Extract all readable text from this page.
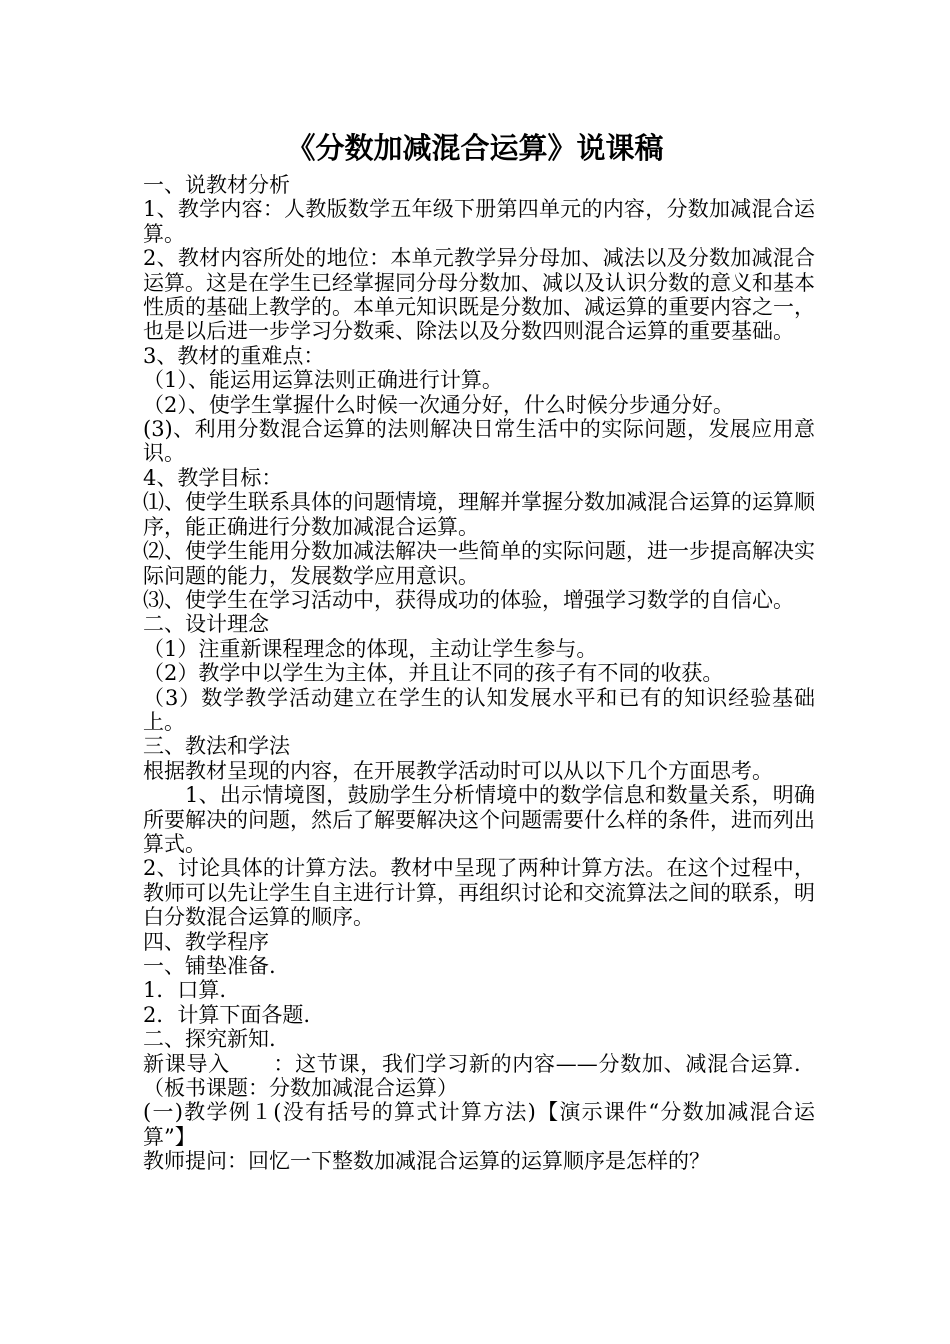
《分数加减混合运算》说课稿

一、说教材分析

1、教学内容：人教版数学五年级下册第四单元的内容，分数加减混合运算。

2、教材内容所处的地位：本单元教学异分母加、减法以及分数加减混合运算。这是在学生已经掌握同分母分数加、减以及认识分数的意义和基本性质的基础上教学的。本单元知识既是分数加、减运算的重要内容之一，也是以后进一步学习分数乘、除法以及分数四则混合运算的重要基础。

3、教材的重难点：

（1）、能运用运算法则正确进行计算。

（2）、使学生掌握什么时候一次通分好，什么时候分步通分好。

(3)、利用分数混合运算的法则解决日常生活中的实际问题，发展应用意识。

4、教学目标：

⑴、使学生联系具体的问题情境，理解并掌握分数加减混合运算的运算顺序，能正确进行分数加减混合运算。

⑵、使学生能用分数加减法解决一些简单的实际问题，进一步提高解决实际问题的能力，发展数学应用意识。

⑶、使学生在学习活动中，获得成功的体验，增强学习数学的自信心。

二、设计理念

（1）注重新课程理念的体现，主动让学生参与。

（2）教学中以学生为主体，并且让不同的孩子有不同的收获。

（3）数学教学活动建立在学生的认知发展水平和已有的知识经验基础上。

三、教法和学法

根据教材呈现的内容，在开展教学活动时可以从以下几个方面思考。

1、出示情境图，鼓励学生分析情境中的数学信息和数量关系，明确所要解决的问题，然后了解要解决这个问题需要什么样的条件，进而列出算式。

2、讨论具体的计算方法。教材中呈现了两种计算方法。在这个过程中，教师可以先让学生自主进行计算，再组织讨论和交流算法之间的联系，明白分数混合运算的顺序。

四、教学程序

一、铺垫准备.

1．口算.

2．计算下面各题.

二、探究新知.

新课导入　　：这节课，我们学习新的内容——分数加、减混合运算．（板书课题：分数加减混合运算）

(一)教学例１(没有括号的算式计算方法)【演示课件“分数加减混合运算”】

教师提问：回忆一下整数加减混合运算的运算顺序是怎样的？
